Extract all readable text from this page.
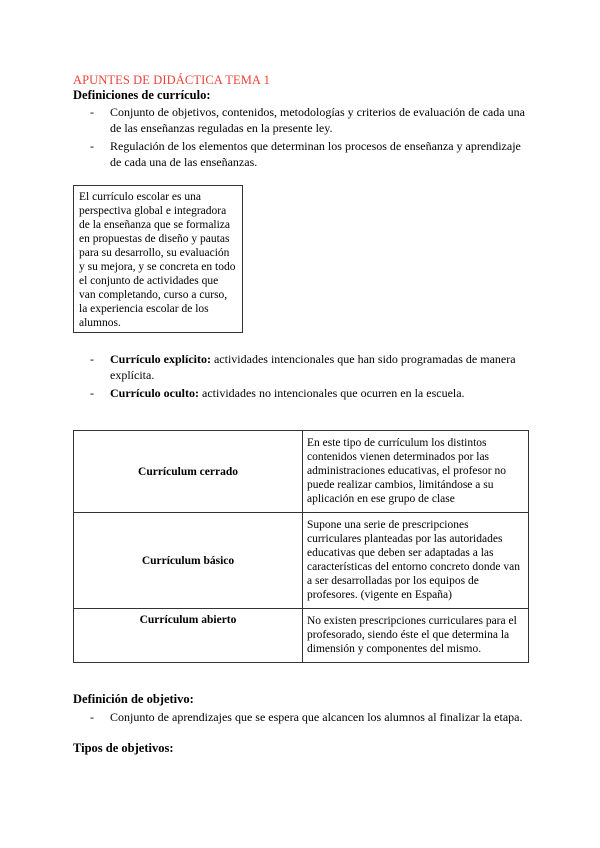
APUNTES DE DIDÁCTICA TEMA 1
Definiciones de currículo:
- Conjunto de objetivos, contenidos, metodologías y criterios de evaluación de cada una de las enseñanzas reguladas en la presente ley.
- Regulación de los elementos que determinan los procesos de enseñanza y aprendizaje de cada una de las enseñanzas.
El currículo escolar es una perspectiva global e integradora de la enseñanza que se formaliza en propuestas de diseño y pautas para su desarrollo, su evaluación y su mejora, y se concreta en todo el conjunto de actividades que van completando, curso a curso, la experiencia escolar de los alumnos.
- Currículo explícito: actividades intencionales que han sido programadas de manera explícita.
- Currículo oculto: actividades no intencionales que ocurren en la escuela.
Currículum cerrado	En este tipo de currículum los distintos contenidos vienen determinados por las administraciones educativas, el profesor no puede realizar cambios, limitándose a su aplicación en ese grupo de clase
Currículum básico	Supone una serie de prescripciones curriculares planteadas por las autoridades educativas que deben ser adaptadas a las características del entorno concreto donde van a ser desarrolladas por los equipos de profesores. (vigente en España)
Currículum abierto	No existen prescripciones curriculares para el profesorado, siendo éste el que determina la dimensión y componentes del mismo.
Definición de objetivo:
- Conjunto de aprendizajes que se espera que alcancen los alumnos al finalizar la etapa.
Tipos de objetivos:
